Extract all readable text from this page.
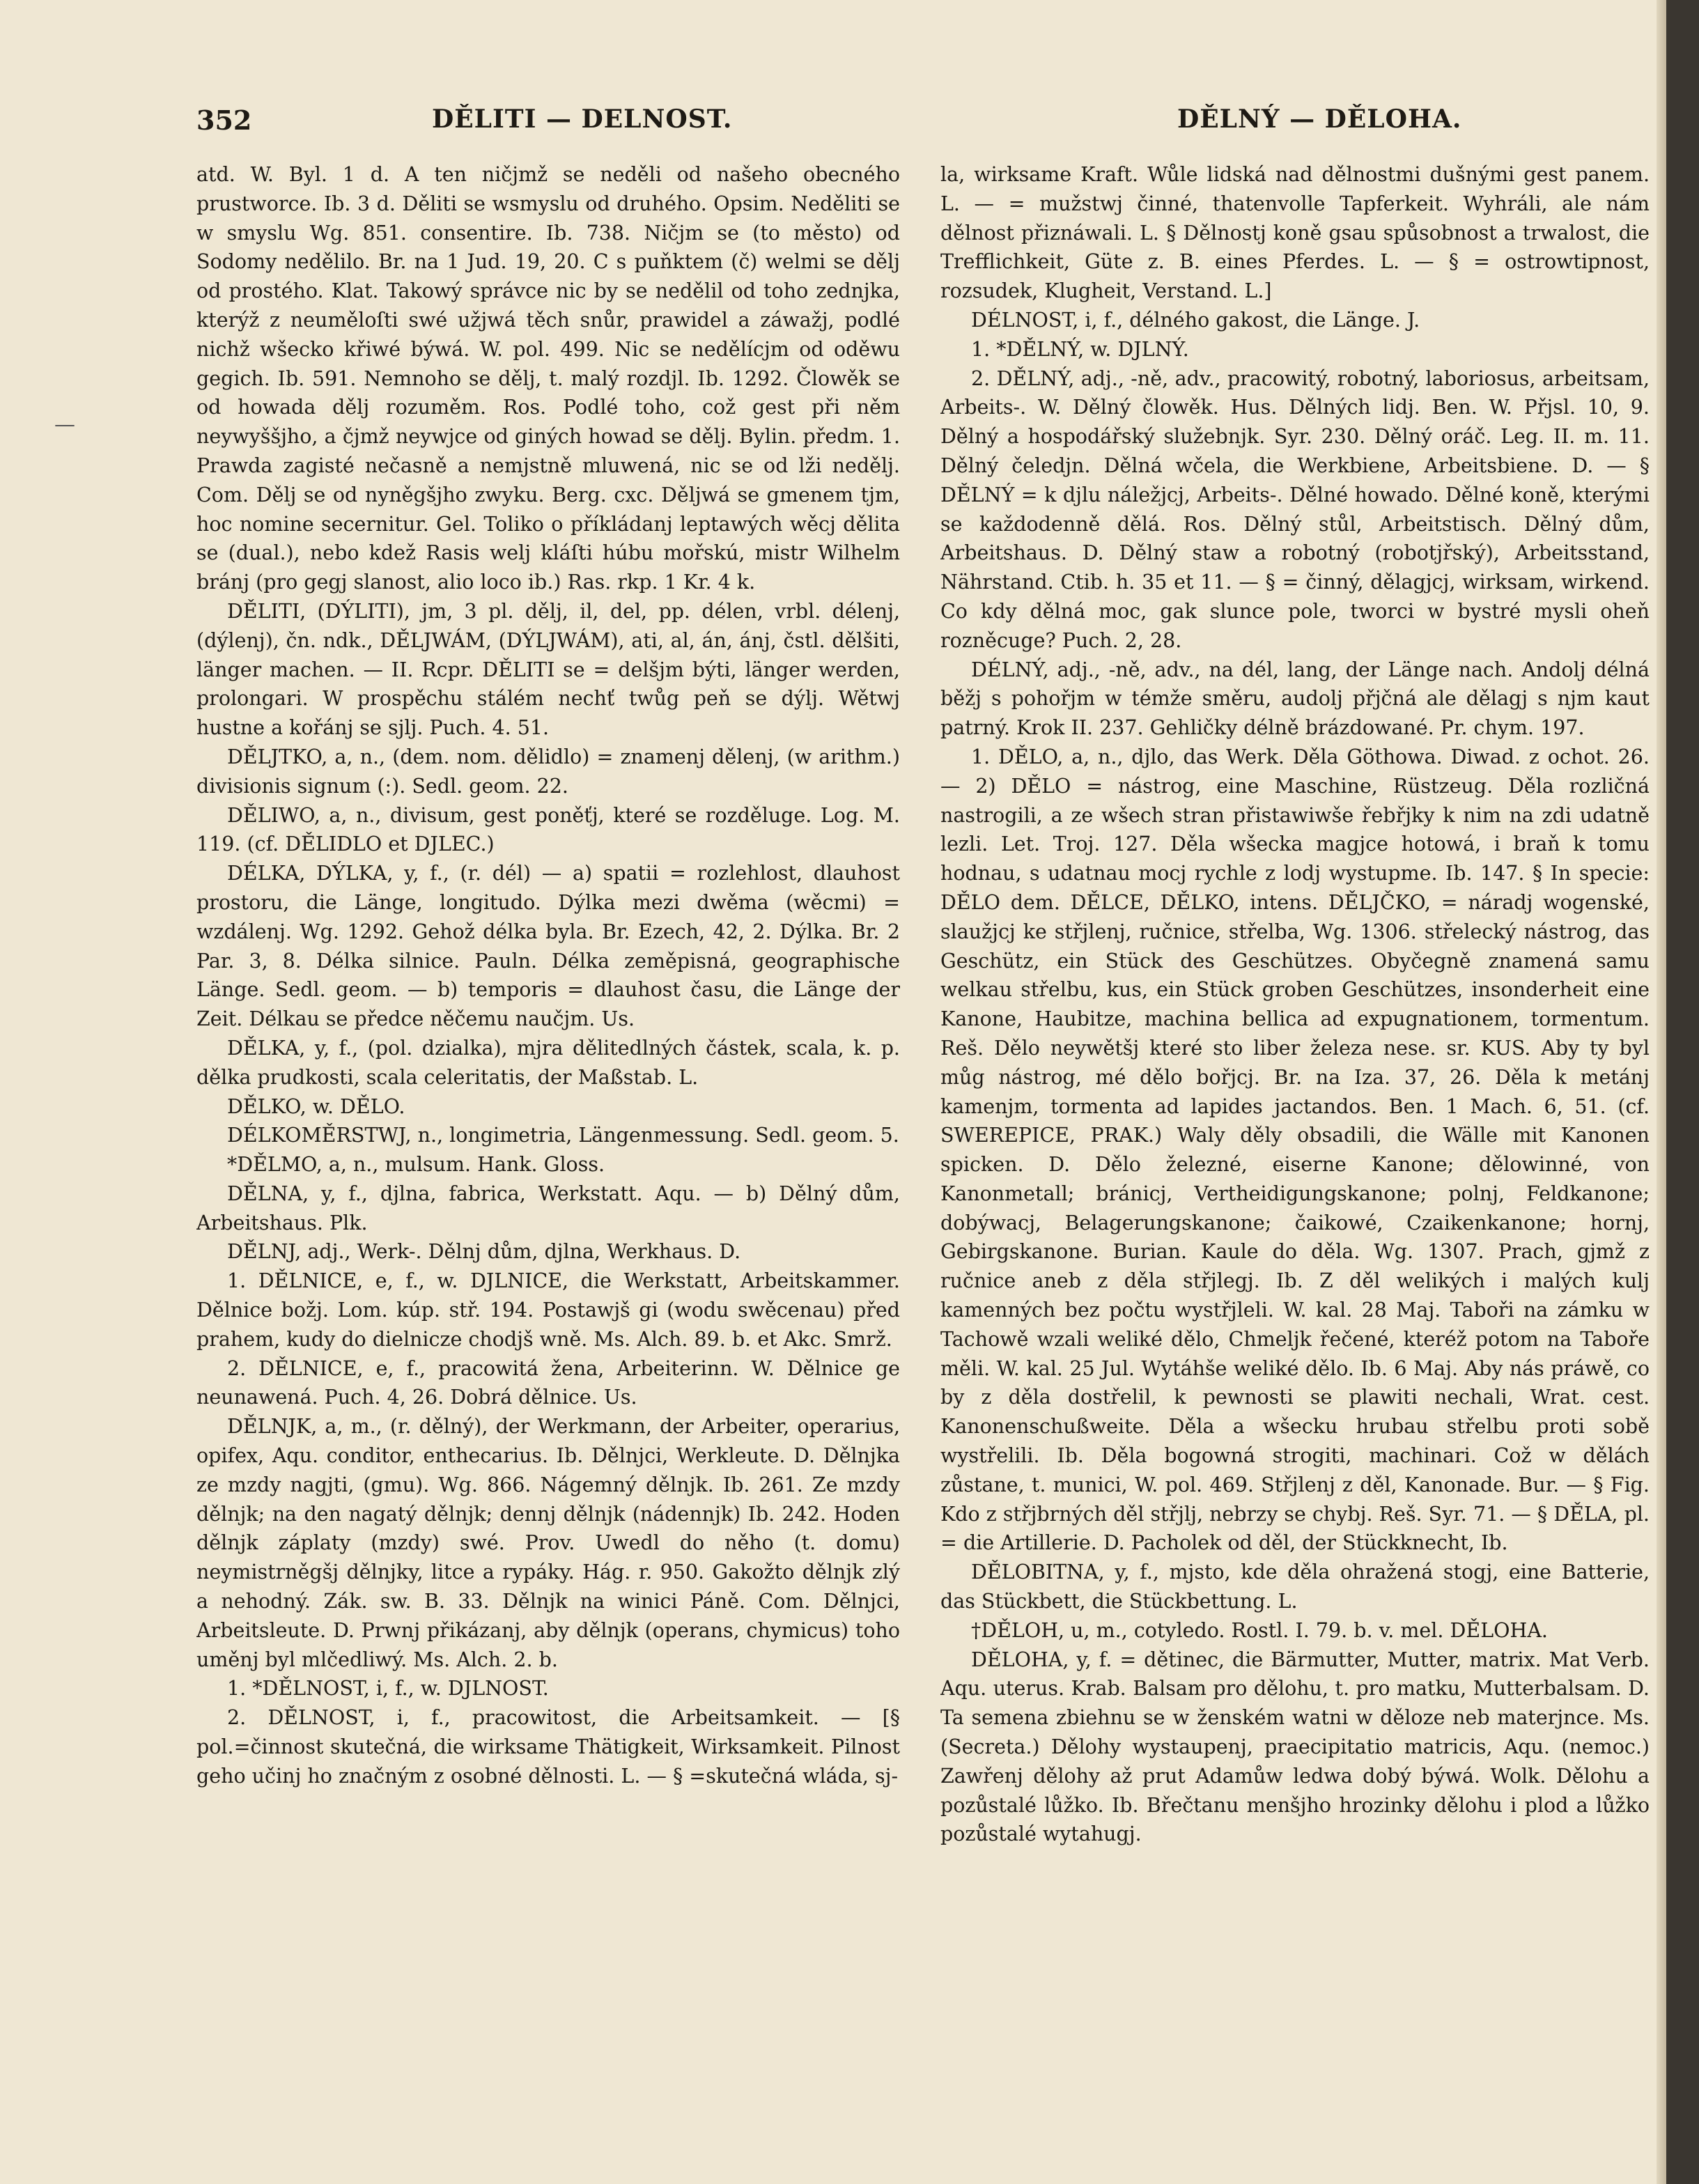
352	DĚLITI — DELNOST.	DĚLNÝ — DĚLOHA.
—

atd. W. Byl. 1 d. A ten ničjmž se neděli od našeho obecného prustworce. Ib. 3 d. Děliti se wsmyslu od druhého. Opsim. Neděliti se w smyslu Wg. 851. consentire. Ib. 738. Ničjm se (to město) od Sodomy nedělilo. Br. na 1 Jud. 19, 20. C s puňktem (č) welmi se dělj od prostého. Klat. Takowý správce nic by se nedělil od toho zednjka, kterýž z neuměloſti swé užjwá těch snůr, prawidel a záwažj, podlé nichž wšecko křiwé býwá. W. pol. 499. Nic se nedělícjm od oděwu gegich. Ib. 591. Nemnoho se dělj, t. malý rozdjl. Ib. 1292. Člowěk se od howada dělj rozuměm. Ros. Podlé toho, což gest při něm neywyššjho, a čjmž neywjce od giných howad se dělj. Bylin. předm. 1. Prawda zagisté nečasně a nemjstně mluwená, nic se od lži nedělj. Com. Dělj se od nyněgšjho zwyku. Berg. cxc. Děljwá se gmenem tjm, hoc nomine secernitur. Gel. Toliko o příkládanj leptawých wěcj dělita se (dual.), nebo kdež Rasis welj kláſti húbu mořskú, mistr Wilhelm bránj (pro gegj slanost, alio loco ib.) Ras. rkp. 1 Kr. 4 k.

DĚLITI, (DÝLITI), jm, 3 pl. dělj, il, del, pp. délen, vrbl. délenj, (dýlenj), čn. ndk., DĚLJWÁM, (DÝLJWÁM), ati, al, án, ánj, čstl. dělšiti, länger machen. — II. Rcpr. DĚLITI se = delšjm býti, länger werden, prolongari. W prospěchu stálém nechť twůg peň se dýlj. Wětwj hustne a kořánj se sjlj. Puch. 4. 51.

DĚLJTKO, a, n., (dem. nom. dělidlo) = znamenj dělenj, (w arithm.) divisionis signum (:). Sedl. geom. 22.

DĚLIWO, a, n., divisum, gest poněťj, které se rozděluge. Log. M. 119. (cf. DĚLIDLO et DJLEC.)

DÉLKA, DÝLKA, y, f., (r. dél) — a) spatii = rozlehlost, dlauhost prostoru, die Länge, longitudo. Dýlka mezi dwěma (wěcmi) = wzdálenj. Wg. 1292. Gehož délka byla. Br. Ezech, 42, 2. Dýlka. Br. 2 Par. 3, 8. Délka silnice. Pauln. Délka zeměpisná, geographische Länge. Sedl. geom. — b) temporis = dlauhost času, die Länge der Zeit. Délkau se předce něčemu naučjm. Us.

DĚLKA, y, f., (pol. dzialka), mjra dělitedlných částek, scala, k. p. dělka prudkosti, scala celeritatis, der Maßstab. L.

DĚLKO, w. DĚLO.

DÉLKOMĚRSTWJ, n., longimetria, Längenmessung. Sedl. geom. 5.

*DĚLMO, a, n., mulsum. Hank. Gloss.

DĚLNA, y, f., djlna, fabrica, Werkstatt. Aqu. — b) Dělný dům, Arbeitshaus. Plk.

DĚLNJ, adj., Werk-. Dělnj dům, djlna, Werkhaus. D.

1. DĚLNICE, e, f., w. DJLNICE, die Werkstatt, Arbeitskammer. Dělnice božj. Lom. kúp. stř. 194. Postawjš gi (wodu swěcenau) před prahem, kudy do dielnicze chodjš wně. Ms. Alch. 89. b. et Akc. Smrž.

2. DĚLNICE, e, f., pracowitá žena, Arbeiterinn. W. Dělnice ge neunawená. Puch. 4, 26. Dobrá dělnice. Us.

DĚLNJK, a, m., (r. dělný), der Werkmann, der Arbeiter, operarius, opifex, Aqu. conditor, enthecarius. Ib. Dělnjci, Werkleute. D. Dělnjka ze mzdy nagjti, (gmu). Wg. 866. Nágemný dělnjk. Ib. 261. Ze mzdy dělnjk; na den nagatý dělnjk; dennj dělnjk (nádennjk) Ib. 242. Hoden dělnjk záplaty (mzdy) swé. Prov. Uwedl do něho (t. domu) neymistrněgšj dělnjky, litce a rypáky. Hág. r. 950. Gakožto dělnjk zlý a nehodný. Zák. sw. B. 33. Dělnjk na winici Páně. Com. Dělnjci, Arbeitsleute. D. Prwnj přikázanj, aby dělnjk (operans, chymicus) toho uměnj byl mlčedliwý. Ms. Alch. 2. b.

1. *DĚLNOST, i, f., w. DJLNOST.

2. DĚLNOST, i, f., pracowitost, die Arbeitsamkeit. — [§ pol.=činnost skutečná, die wirksame Thätigkeit, Wirksamkeit. Pilnost geho učinj ho značným z osobné dělnosti. L. — § =skutečná wláda, sj-

la, wirksame Kraft. Wůle lidská nad dělnostmi dušnými gest panem. L. — = mužstwj činné, thatenvolle Tapferkeit. Wyhráli, ale nám dělnost přiznáwali. L. § Dělnostj koně gsau spůsobnost a trwalost, die Trefflichkeit, Güte z. B. eines Pferdes. L. — § = ostrowtipnost, rozsudek, Klugheit, Verstand. L.]

DÉLNOST, i, f., délného gakost, die Länge. J.

1. *DĚLNÝ, w. DJLNÝ.

2. DĚLNÝ, adj., -ně, adv., pracowitý, robotný, laboriosus, arbeitsam, Arbeits-. W. Dělný člowěk. Hus. Dělných lidj. Ben. W. Přjsl. 10, 9. Dělný a hospodářský služebnjk. Syr. 230. Dělný oráč. Leg. II. m. 11. Dělný čeledjn. Dělná wčela, die Werkbiene, Arbeitsbiene. D. — § DĚLNÝ = k djlu náležjcj, Arbeits-. Dělné howado. Dělné koně, kterými se každodenně dělá. Ros. Dělný stůl, Arbeitstisch. Dělný dům, Arbeitshaus. D. Dělný staw a robotný (robotjřský), Arbeitsstand, Nährstand. Ctib. h. 35 et 11. — § = činný, dělagjcj, wirksam, wirkend. Co kdy dělná moc, gak slunce pole, tworci w bystré mysli oheň rozněcuge? Puch. 2, 28.

DÉLNÝ, adj., -ně, adv., na dél, lang, der Länge nach. Andolj délná běžj s pohořjm w témže směru, audolj přjčná ale dělagj s njm kaut patrný. Krok II. 237. Gehličky délně brázdowané. Pr. chym. 197.

1. DĚLO, a, n., djlo, das Werk. Děla Göthowa. Diwad. z ochot. 26. — 2) DĚLO = nástrog, eine Maschine, Rüstzeug. Děla rozličná nastrogili, a ze wšech stran přistawiwše řebřjky k nim na zdi udatně lezli. Let. Troj. 127. Děla wšecka magjce hotowá, i braň k tomu hodnau, s udatnau mocj rychle z lodj wystupme. Ib. 147. § In specie: DĚLO dem. DĚLCE, DĚLKO, intens. DĚLJČKO, = náradj wogenské, slaužjcj ke střjlenj, ručnice, střelba, Wg. 1306. střelecký nástrog, das Geschütz, ein Stück des Geschützes. Obyčegně znamená samu welkau střelbu, kus, ein Stück groben Geschützes, insonderheit eine Kanone, Haubitze, machina bellica ad expugnationem, tormentum. Reš. Dělo neywětšj které sto liber železa nese. sr. KUS. Aby ty byl můg nástrog, mé dělo bořjcj. Br. na Iza. 37, 26. Děla k metánj kamenjm, tormenta ad lapides jactandos. Ben. 1 Mach. 6, 51. (cf. SWEREPICE, PRAK.) Waly děly obsadili, die Wälle mit Kanonen spicken. D. Dělo železné, eiserne Kanone; dělowinné, von Kanonmetall; bránicj, Vertheidigungskanone; polnj, Feldkanone; dobýwacj, Belagerungskanone; čaikowé, Czaikenkanone; hornj, Gebirgskanone. Burian. Kaule do děla. Wg. 1307. Prach, gjmž z ručnice aneb z děla střjlegj. Ib. Z děl welikých i malých kulj kamenných bez počtu wystřjleli. W. kal. 28 Maj. Taboři na zámku w Tachowě wzali weliké dělo, Chmeljk řečené, kteréž potom na Taboře měli. W. kal. 25 Jul. Wytáhše weliké dělo. Ib. 6 Maj. Aby nás práwě, co by z děla dostřelil, k pewnosti se plawiti nechali, Wrat. cest. Kanonenschußweite. Děla a wšecku hrubau střelbu proti sobě wystřelili. Ib. Děla bogowná strogiti, machinari. Což w dělách zůstane, t. munici, W. pol. 469. Střjlenj z děl, Kanonade. Bur. — § Fig. Kdo z střjbrných děl střjlj, nebrzy se chybj. Reš. Syr. 71. — § DĚLA, pl. = die Artillerie. D. Pacholek od děl, der Stückknecht, Ib.

DĚLOBITNA, y, f., mjsto, kde děla ohražená stogj, eine Batterie, das Stückbett, die Stückbettung. L.

†DĚLOH, u, m., cotyledo. Rostl. I. 79. b. v. mel. DĚLOHA.

DĚLOHA, y, f. = dětinec, die Bärmutter, Mutter, matrix. Mat Verb. Aqu. uterus. Krab. Balsam pro dělohu, t. pro matku, Mutterbalsam. D. Ta semena zbiehnu se w ženském watni w děloze neb materjnce. Ms. (Secreta.) Dělohy wystaupenj, praecipitatio matricis, Aqu. (nemoc.) Zawřenj dělohy až prut Adamůw ledwa dobý býwá. Wolk. Dělohu a pozůstalé lůžko. Ib. Břečtanu menšjho hrozinky dělohu i plod a lůžko pozůstalé wytahugj.
